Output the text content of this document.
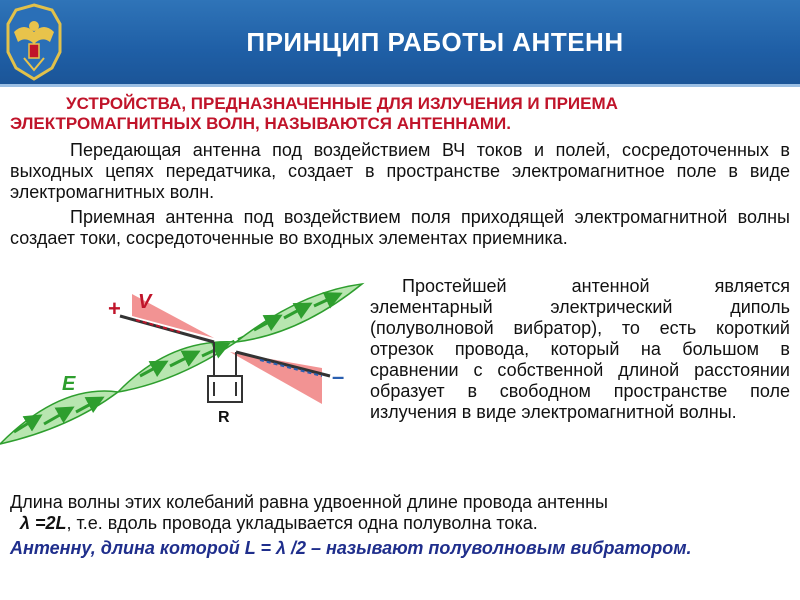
ПРИНЦИП РАБОТЫ АНТЕНН

УСТРОЙСТВА, ПРЕДНАЗНАЧЕННЫЕ ДЛЯ ИЗЛУЧЕНИЯ И ПРИЕМА ЭЛЕКТРОМАГНИТНЫХ ВОЛН, НАЗЫВАЮТСЯ АНТЕННАМИ.

Передающая антенна под воздействием ВЧ токов и полей, сосредоточенных в выходных цепях передатчика, создает в пространстве электромагнитное поле в виде электромагнитных волн.

Приемная антенна под воздействием поля приходящей электромагнитной волны создает токи, сосредоточенные во входных элементах приемника.

Простейшей антенной является элементарный электрический диполь (полуволновой вибратор), то есть короткий отрезок провода, который на большом в сравнении с собственной длиной расстоянии образует в свободном пространстве поле излучения в виде электромагнитной волны.

+ V
–
E
R

Длина волны этих колебаний равна удвоенной длине провода антенны
λ =2L, т.е. вдоль провода укладывается одна полуволна тока.

Антенну, длина которой L = λ /2 – называют полуволновым вибратором.
